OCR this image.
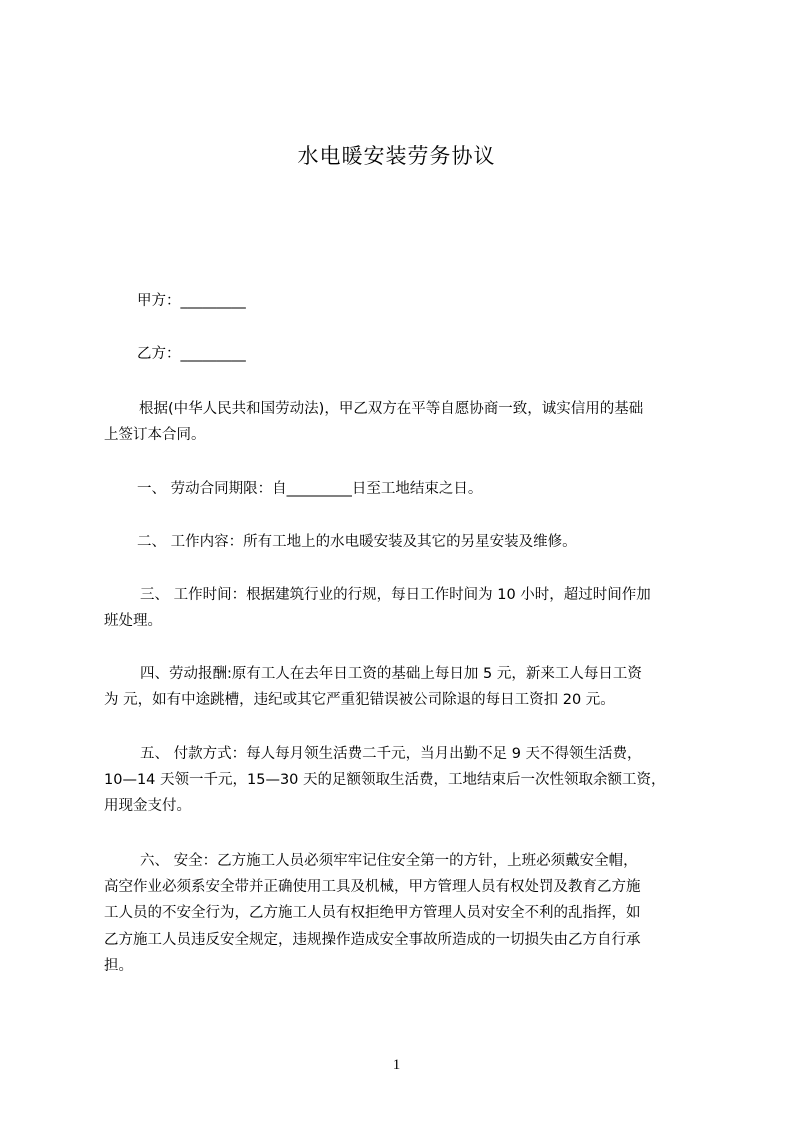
水电暖安装劳务协议
甲方：_________
乙方：_________
根据(中华人民共和国劳动法)，甲乙双方在平等自愿协商一致，诚实信用的基础
上签订本合同。
一、 劳动合同期限：自_________日至工地结束之日。
二、 工作内容：所有工地上的水电暖安装及其它的另星安装及维修。
三、 工作时间：根据建筑行业的行规，每日工作时间为 10 小时，超过时间作加
班处理。
四、劳动报酬:原有工人在去年日工资的基础上每日加 5 元，新来工人每日工资
为 元，如有中途跳槽，违纪或其它严重犯错误被公司除退的每日工资扣 20 元。
五、 付款方式：每人每月领生活费二千元，当月出勤不足 9 天不得领生活费，
10—14 天领一千元，15—30 天的足额领取生活费，工地结束后一次性领取余额工资，
用现金支付。
六、 安全：乙方施工人员必须牢牢记住安全第一的方针，上班必须戴安全帽，
高空作业必须系安全带并正确使用工具及机械，甲方管理人员有权处罚及教育乙方施
工人员的不安全行为，乙方施工人员有权拒绝甲方管理人员对安全不利的乱指挥，如
乙方施工人员违反安全规定，违规操作造成安全事故所造成的一切损失由乙方自行承
担。
1
